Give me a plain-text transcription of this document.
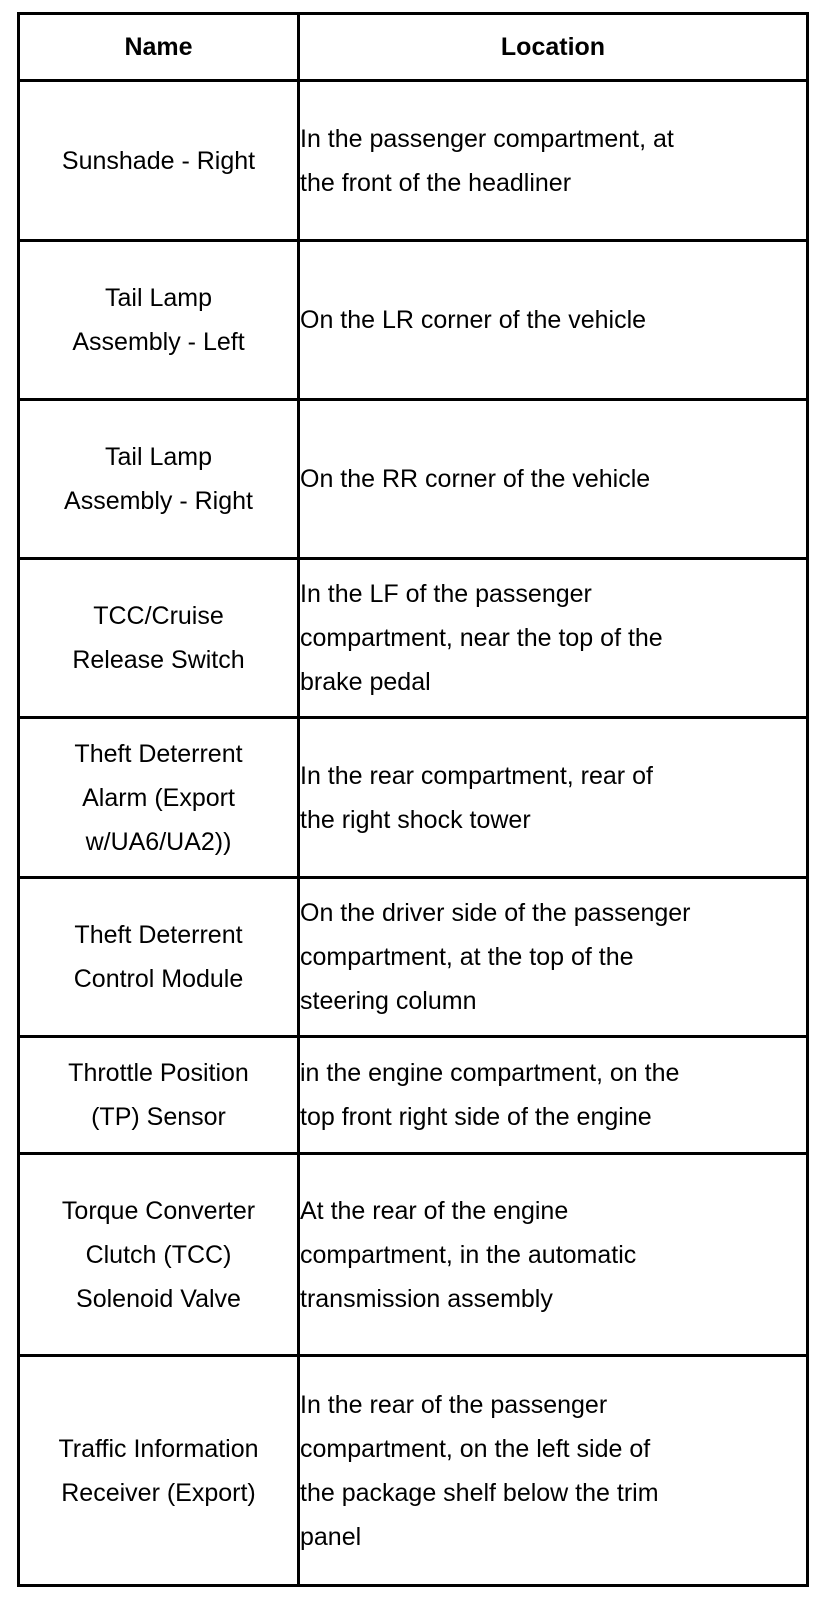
Name	Location

Sunshade - Right	In the passenger compartment, at
the front of the headliner

Tail Lamp
Assembly - Left	On the LR corner of the vehicle

Tail Lamp
Assembly - Right	On the RR corner of the vehicle

TCC/Cruise
Release Switch	In the LF of the passenger
compartment, near the top of the
brake pedal

Theft Deterrent
Alarm (Export
w/UA6/UA2))	In the rear compartment, rear of
the right shock tower

Theft Deterrent
Control Module	On the driver side of the passenger
compartment, at the top of the
steering column

Throttle Position
(TP) Sensor	in the engine compartment, on the
top front right side of the engine

Torque Converter
Clutch (TCC)
Solenoid Valve	At the rear of the engine
compartment, in the automatic
transmission assembly

Traffic Information
Receiver (Export)	In the rear of the passenger
compartment, on the left side of
the package shelf below the trim
panel
